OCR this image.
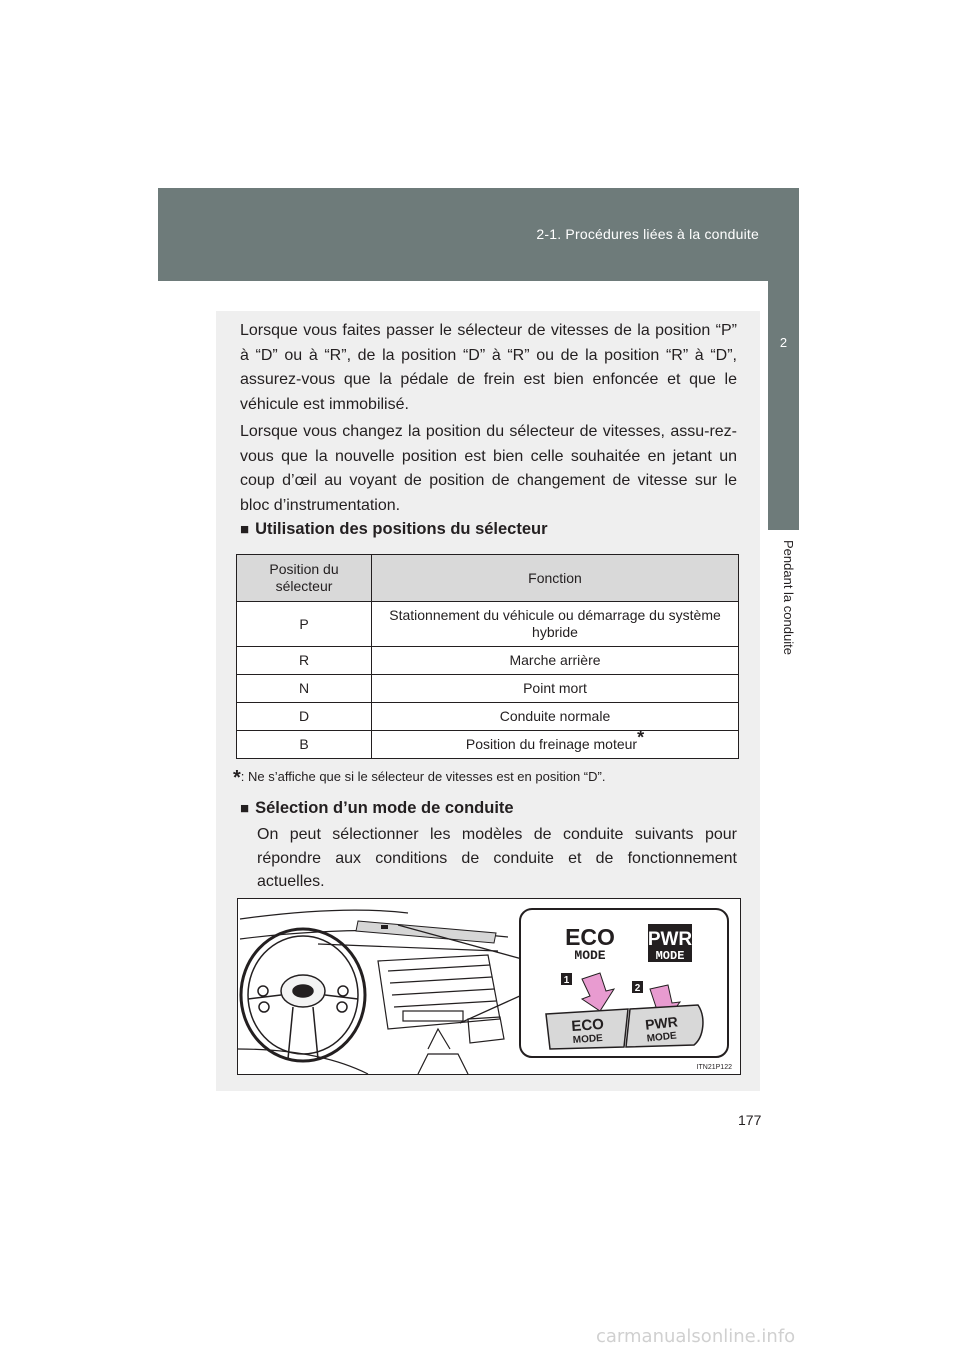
2-1. Procédures liées à la conduite
2
Pendant la conduite

Lorsque vous faites passer le sélecteur de vitesses de la position “P” à “D” ou à “R”, de la position “D” à “R” ou de la position “R” à “D”, assurez-vous que la pédale de frein est bien enfoncée et que le véhicule est immobilisé.

Lorsque vous changez la position du sélecteur de vitesses, assu-rez-vous que la nouvelle position est bien celle souhaitée en jetant un coup d’œil au voyant de position de changement de vitesse sur le bloc d’instrumentation.

■ Utilisation des positions du sélecteur
Position du sélecteur	Fonction
P	Stationnement du véhicule ou démarrage du système hybride
R	Marche arrière
N	Point mort
D	Conduite normale
B	Position du freinage moteur*
*: Ne s’affiche que si le sélecteur de vitesses est en position “D”.
■ Sélection d’un mode de conduite

On peut sélectionner les modèles de conduite suivants pour répondre aux conditions de conduite et de fonctionnement actuelles.

ECO
MODE
PWR
MODE
1
2
ECO
MODE
PWR
MODE
ITN21P122
177
carmanualsonline.info
